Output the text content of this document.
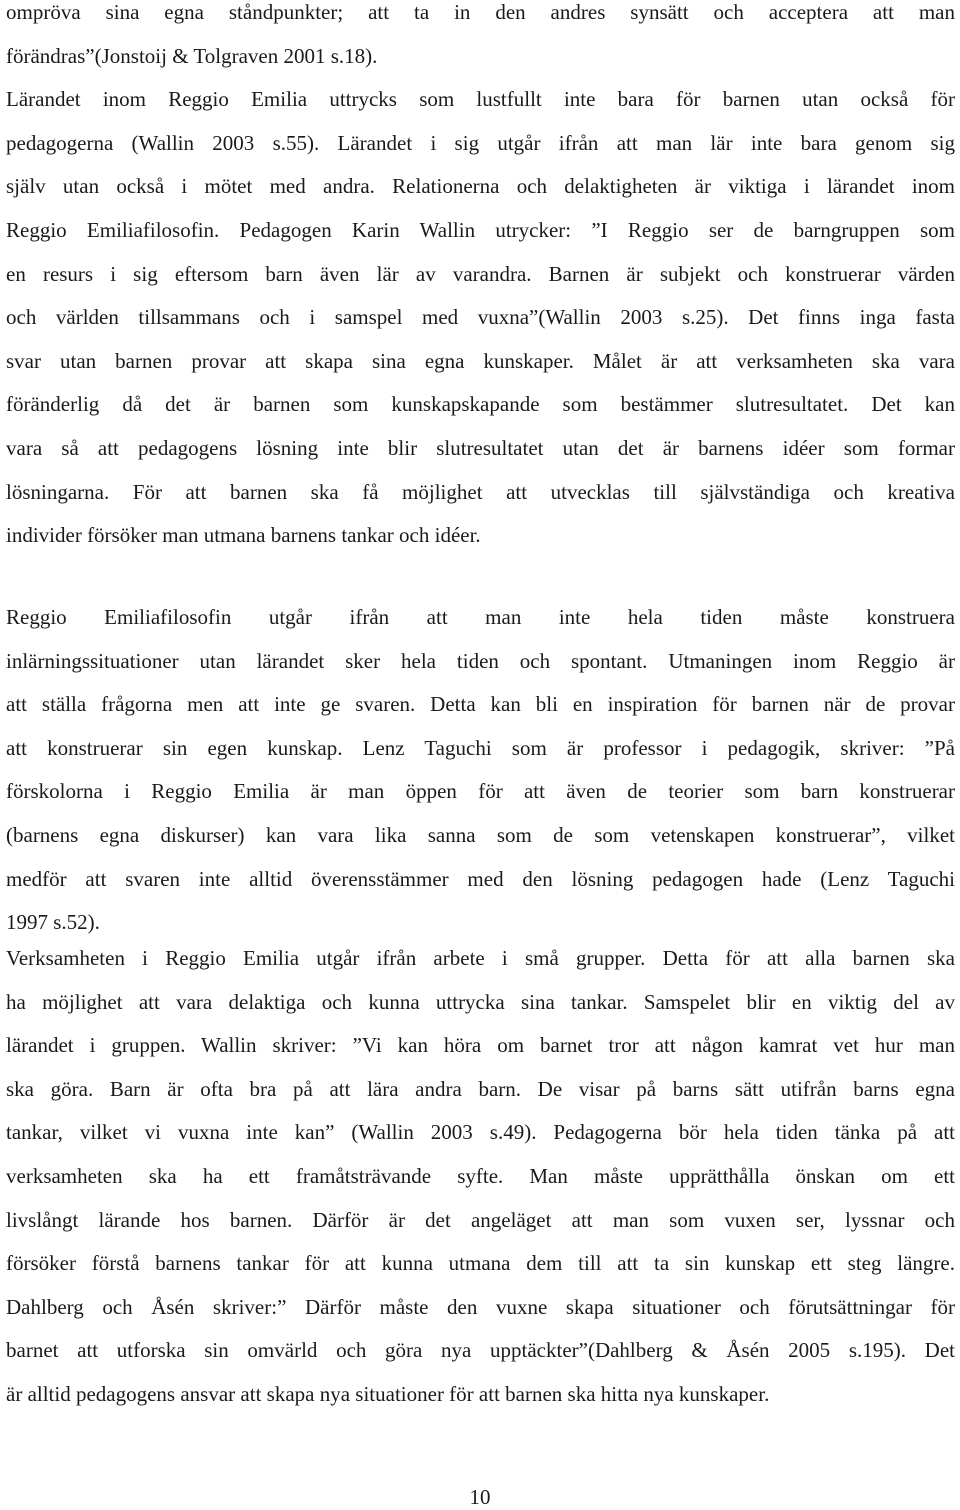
ompröva sina egna ståndpunkter; att ta in den andres synsätt och acceptera att man
förändras”(Jonstoij & Tolgraven 2001 s.18).
Lärandet inom Reggio Emilia uttrycks som lustfullt inte bara för barnen utan också för
pedagogerna (Wallin 2003 s.55). Lärandet i sig utgår ifrån att man lär inte bara genom sig
själv utan också i mötet med andra. Relationerna och delaktigheten är viktiga i lärandet inom
Reggio Emiliafilosofin. Pedagogen Karin Wallin utrycker: ”I Reggio ser de barngruppen som
en resurs i sig eftersom barn även lär av varandra. Barnen är subjekt och konstruerar värden
och världen tillsammans och i samspel med vuxna”(Wallin 2003 s.25). Det finns inga fasta
svar utan barnen provar att skapa sina egna kunskaper. Målet är att verksamheten ska vara
föränderlig då det är barnen som kunskapskapande som bestämmer slutresultatet. Det kan
vara så att pedagogens lösning inte blir slutresultatet utan det är barnens idéer som formar
lösningarna. För att barnen ska få möjlighet att utvecklas till självständiga och kreativa
individer försöker man utmana barnens tankar och idéer.
Reggio Emiliafilosofin utgår ifrån att man inte hela tiden måste konstruera
inlärningssituationer utan lärandet sker hela tiden och spontant. Utmaningen inom Reggio är
att ställa frågorna men att inte ge svaren. Detta kan bli en inspiration för barnen när de provar
att konstruerar sin egen kunskap. Lenz Taguchi som är professor i pedagogik, skriver: ”På
förskolorna i Reggio Emilia är man öppen för att även de teorier som barn konstruerar
(barnens egna diskurser) kan vara lika sanna som de som vetenskapen konstruerar”, vilket
medför att svaren inte alltid överensstämmer med den lösning pedagogen hade (Lenz Taguchi
1997 s.52).
Verksamheten i Reggio Emilia utgår ifrån arbete i små grupper. Detta för att alla barnen ska
ha möjlighet att vara delaktiga och kunna uttrycka sina tankar. Samspelet blir en viktig del av
lärandet i gruppen. Wallin skriver: ”Vi kan höra om barnet tror att någon kamrat vet hur man
ska göra. Barn är ofta bra på att lära andra barn. De visar på barns sätt utifrån barns egna
tankar, vilket vi vuxna inte kan” (Wallin 2003 s.49). Pedagogerna bör hela tiden tänka på att
verksamheten ska ha ett framåtsträvande syfte. Man måste upprätthålla önskan om ett
livslångt lärande hos barnen. Därför är det angeläget att man som vuxen ser, lyssnar och
försöker förstå barnens tankar för att kunna utmana dem till att ta sin kunskap ett steg längre.
Dahlberg och Åsén skriver:” Därför måste den vuxne skapa situationer och förutsättningar för
barnet att utforska sin omvärld och göra nya upptäckter”(Dahlberg & Åsén 2005 s.195). Det
är alltid pedagogens ansvar att skapa nya situationer för att barnen ska hitta nya kunskaper.
10
